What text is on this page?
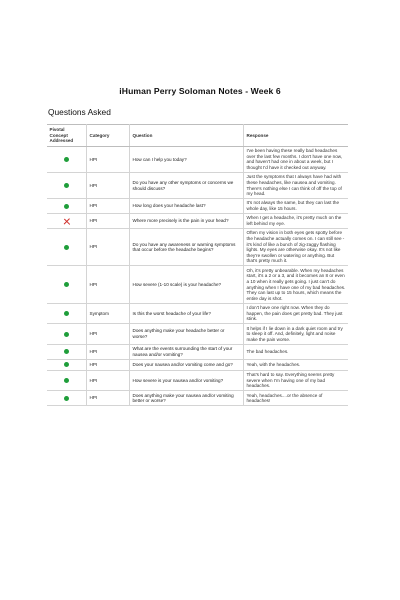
iHuman Perry Soloman Notes - Week 6
Questions Asked
Pivotal Concept Addressed	Category	Question	Response
	HPI	How can I help you today?	I've been having these really bad headaches over the last few months. I don't have one now, and haven't had one in about a week, but I thought I'd have it checked out anyway.
	HPI	Do you have any other symptoms or concerns we should discuss?	Just the symptoms that I always have had with these headaches, like nausea and vomiting. There's nothing else I can think of off the top of my head.
	HPI	How long does your headache last?	It's not always the same, but they can last the whole day, like 15 hours.
	HPI	Where more precisely is the pain in your head?	When I get a headache, it's pretty much on the left behind my eye.
	HPI	Do you have any awareness or warning symptoms that occur before the headache begins?	Often my vision in both eyes gets spotty before the headache actually comes on. I can still see - it's kind of like a bunch of zig-zaggy flashing lights. My eyes are otherwise okay. It's not like they're swollen or watering or anything. But that's pretty much it.
	HPI	How severe (1-10 scale) is your headache?	Oh, it's pretty unbearable. When my headaches start, it's a 2 or a 3, and it becomes an 8 or even a 10 when it really gets going. I just can't do anything when I have one of my bad headaches. They can last up to 15 hours, which means the entire day is shot.
	Symptom	Is this the worst headache of your life?	I don't have one right now. When they do happen, the pain does get pretty bad. They just stink.
	HPI	Does anything make your headache better or worse?	It helps if I lie down in a dark quiet room and try to sleep it off. And, definitely, light and noise make the pain worse.
	HPI	What are the events surrounding the start of your nausea and/or vomiting?	The bad headaches.
	HPI	Does your nausea and/or vomiting come and go?	Yeah, with the headaches.
	HPI	How severe is your nausea and/or vomiting?	That's hard to say. Everything seems pretty severe when I'm having one of my bad headaches.
	HPI	Does anything make your nausea and/or vomiting better or worse?	Yeah, headaches....or the absence of headaches!
